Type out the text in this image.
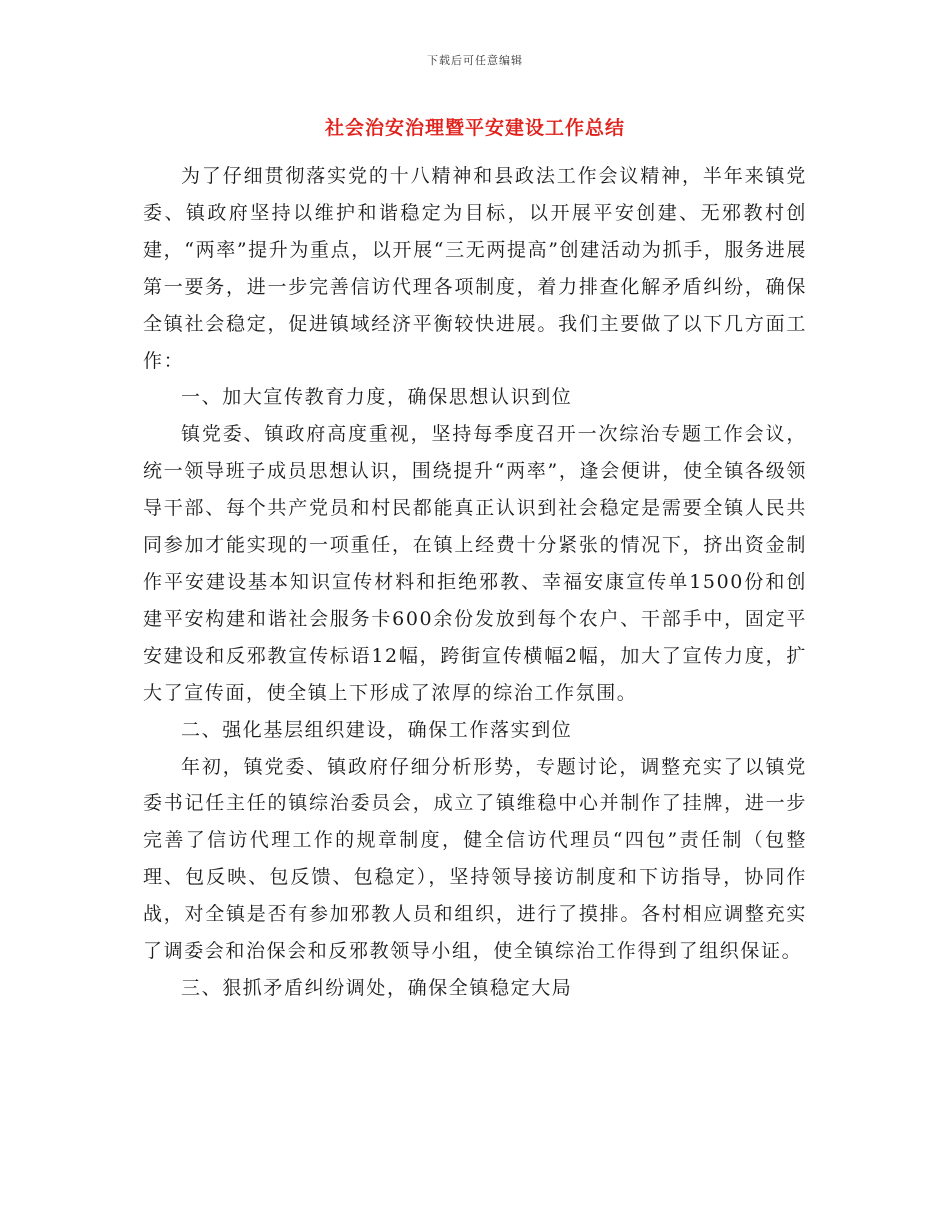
下载后可任意编辑
社会治安治理暨平安建设工作总结

为了仔细贯彻落实党的十八精神和县政法工作会议精神，半年来镇党委、镇政府坚持以维护和谐稳定为目标，以开展平安创建、无邪教村创建，“两率”提升为重点，以开展“三无两提高”创建活动为抓手，服务进展第一要务，进一步完善信访代理各项制度，着力排查化解矛盾纠纷，确保全镇社会稳定，促进镇域经济平衡较快进展。我们主要做了以下几方面工作：

一、加大宣传教育力度，确保思想认识到位

镇党委、镇政府高度重视，坚持每季度召开一次综治专题工作会议，统一领导班子成员思想认识，围绕提升“两率”，逢会便讲，使全镇各级领导干部、每个共产党员和村民都能真正认识到社会稳定是需要全镇人民共同参加才能实现的一项重任，在镇上经费十分紧张的情况下，挤出资金制作平安建设基本知识宣传材料和拒绝邪教、幸福安康宣传单1500份和创建平安构建和谐社会服务卡600余份发放到每个农户、干部手中，固定平安建设和反邪教宣传标语12幅，跨街宣传横幅2幅，加大了宣传力度，扩大了宣传面，使全镇上下形成了浓厚的综治工作氛围。

二、强化基层组织建设，确保工作落实到位

年初，镇党委、镇政府仔细分析形势，专题讨论，调整充实了以镇党委书记任主任的镇综治委员会，成立了镇维稳中心并制作了挂牌，进一步完善了信访代理工作的规章制度，健全信访代理员“四包”责任制（包整理、包反映、包反馈、包稳定），坚持领导接访制度和下访指导，协同作战，对全镇是否有参加邪教人员和组织，进行了摸排。各村相应调整充实了调委会和治保会和反邪教领导小组，使全镇综治工作得到了组织保证。

三、狠抓矛盾纠纷调处，确保全镇稳定大局
